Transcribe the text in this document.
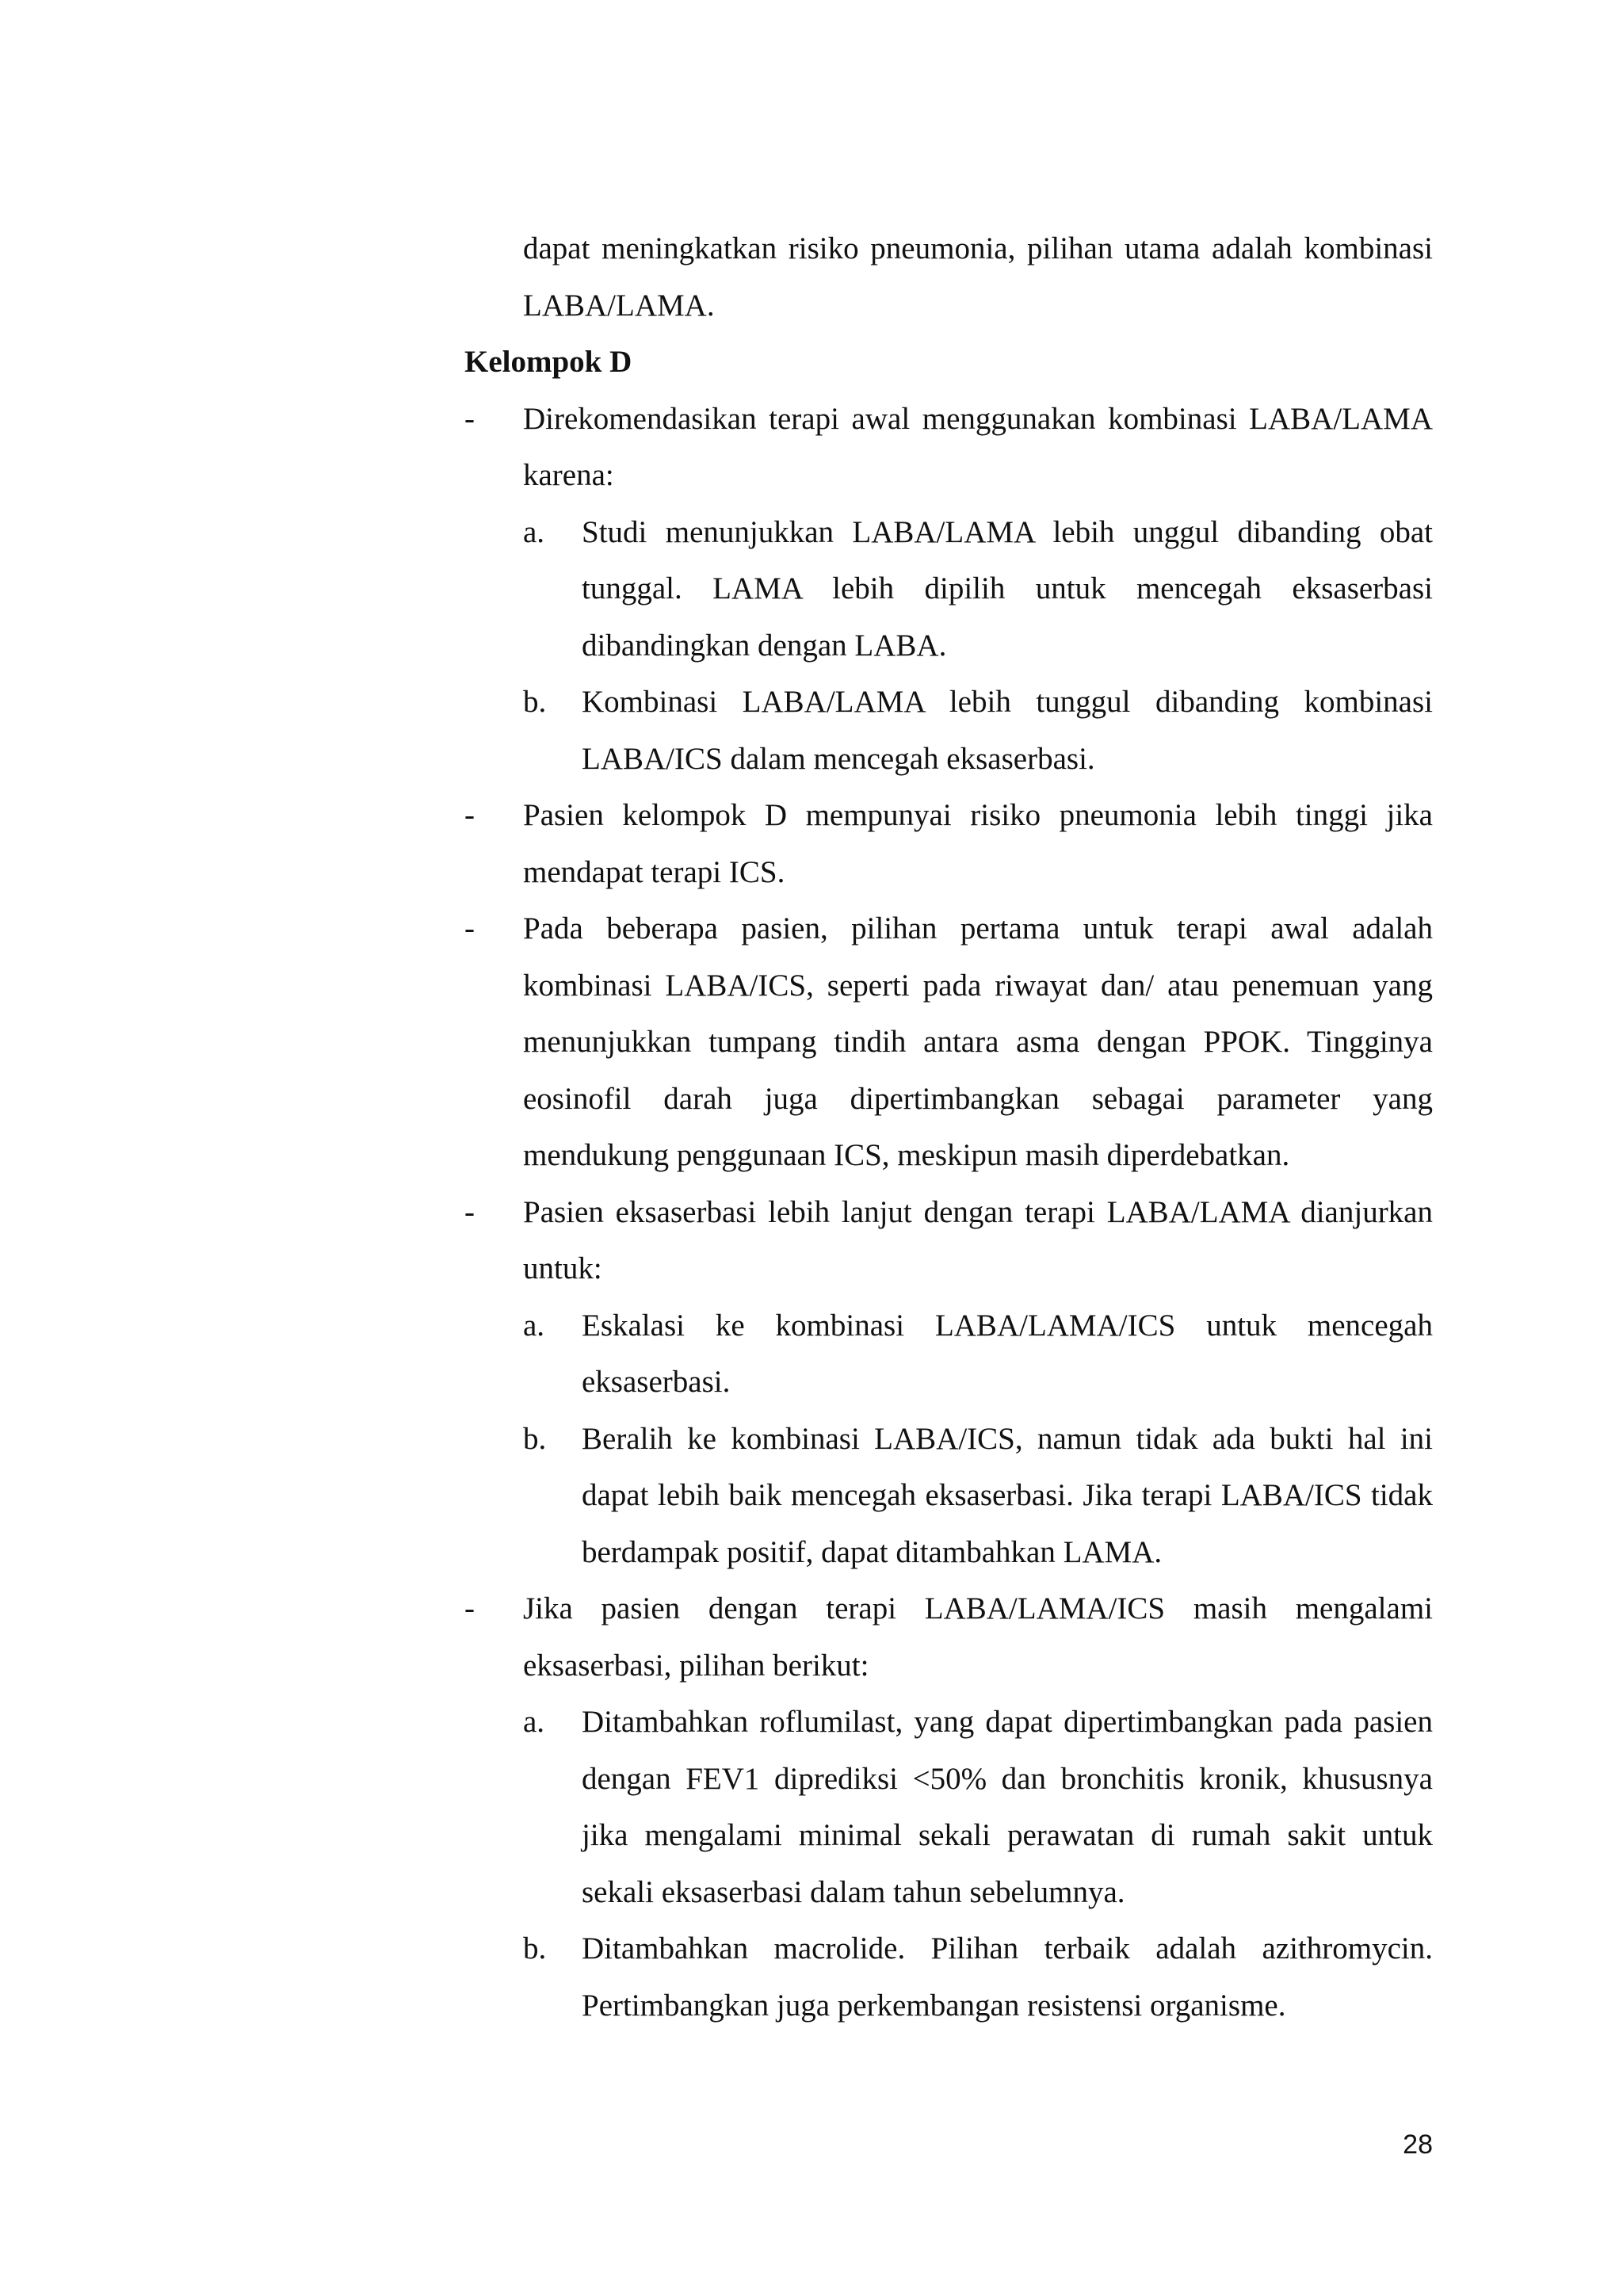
dapat meningkatkan risiko pneumonia, pilihan utama adalah kombinasi LABA/LAMA.

Kelompok D

- Direkomendasikan terapi awal menggunakan kombinasi LABA/LAMA karena:
a. Studi menunjukkan LABA/LAMA lebih unggul dibanding obat tunggal. LAMA lebih dipilih untuk mencegah eksaserbasi dibandingkan dengan LABA.
b. Kombinasi LABA/LAMA lebih tunggul dibanding kombinasi LABA/ICS dalam mencegah eksaserbasi.
- Pasien kelompok D mempunyai risiko pneumonia lebih tinggi jika mendapat terapi ICS.
- Pada beberapa pasien, pilihan pertama untuk terapi awal adalah kombinasi LABA/ICS, seperti pada riwayat dan/ atau penemuan yang menunjukkan tumpang tindih antara asma dengan PPOK. Tingginya eosinofil darah juga dipertimbangkan sebagai parameter yang mendukung penggunaan ICS, meskipun masih diperdebatkan.
- Pasien eksaserbasi lebih lanjut dengan terapi LABA/LAMA dianjurkan untuk:
a. Eskalasi ke kombinasi LABA/LAMA/ICS untuk mencegah eksaserbasi.
b. Beralih ke kombinasi LABA/ICS, namun tidak ada bukti hal ini dapat lebih baik mencegah eksaserbasi. Jika terapi LABA/ICS tidak berdampak positif, dapat ditambahkan LAMA.
- Jika pasien dengan terapi LABA/LAMA/ICS masih mengalami eksaserbasi, pilihan berikut:
a. Ditambahkan roflumilast, yang dapat dipertimbangkan pada pasien dengan FEV1 diprediksi <50% dan bronchitis kronik, khususnya jika mengalami minimal sekali perawatan di rumah sakit untuk sekali eksaserbasi dalam tahun sebelumnya.
b. Ditambahkan macrolide. Pilihan terbaik adalah azithromycin. Pertimbangkan juga perkembangan resistensi organisme.
28
